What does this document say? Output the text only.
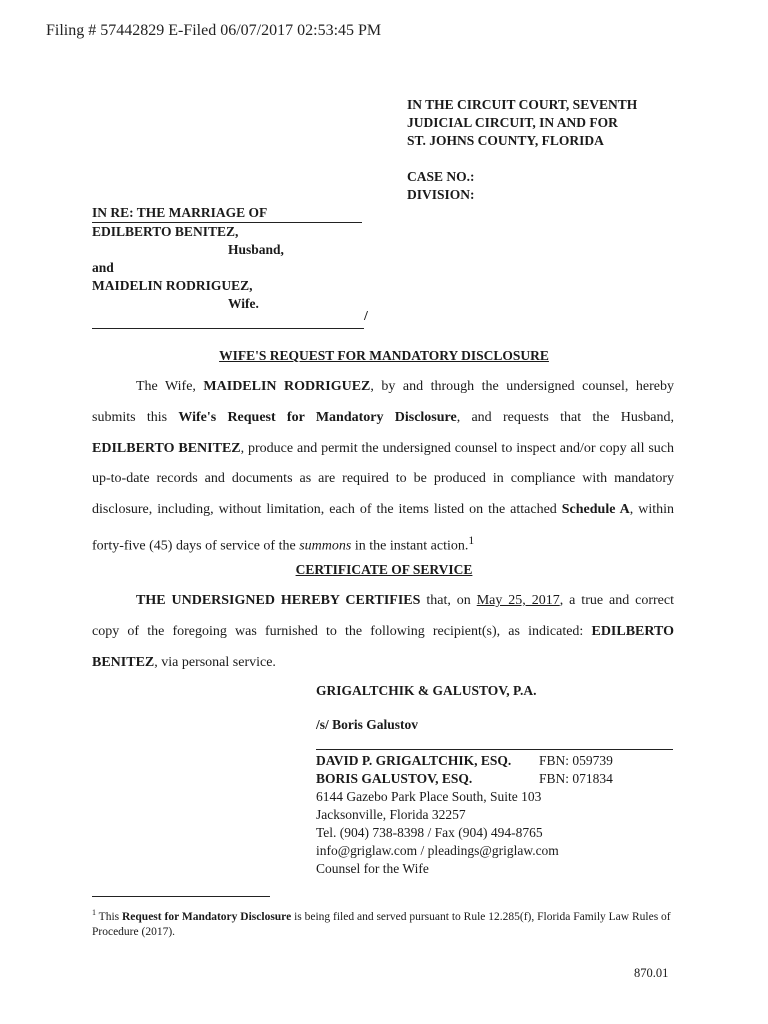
Filing # 57442829 E-Filed 06/07/2017 02:53:45 PM
IN THE CIRCUIT COURT, SEVENTH
JUDICIAL CIRCUIT, IN AND FOR
ST. JOHNS COUNTY, FLORIDA
CASE NO.:
DIVISION:
IN RE: THE MARRIAGE OF
EDILBERTO BENITEZ,
Husband,
and
MAIDELIN RODRIGUEZ,
Wife.
/
WIFE'S REQUEST FOR MANDATORY DISCLOSURE
The Wife, MAIDELIN RODRIGUEZ, by and through the undersigned counsel, hereby submits this Wife's Request for Mandatory Disclosure, and requests that the Husband, EDILBERTO BENITEZ, produce and permit the undersigned counsel to inspect and/or copy all such up-to-date records and documents as are required to be produced in compliance with mandatory disclosure, including, without limitation, each of the items listed on the attached Schedule A, within forty-five (45) days of service of the summons in the instant action.$^1$
CERTIFICATE OF SERVICE
THE UNDERSIGNED HEREBY CERTIFIES that, on May 25, 2017, a true and correct copy of the foregoing was furnished to the following recipient(s), as indicated: EDILBERTO BENITEZ, via personal service.
GRIGALTCHIK & GALUSTOV, P.A.
/s/ Boris Galustov
DAVID P. GRIGALTCHIK, ESQ. FBN: 059739
BORIS GALUSTOV, ESQ.	FBN: 071834
6144 Gazebo Park Place South, Suite 103
Jacksonville, Florida 32257
Tel. (904) 738-8398 / Fax (904) 494-8765
info@griglaw.com / pleadings@griglaw.com
Counsel for the Wife
$^1$ This Request for Mandatory Disclosure is being filed and served pursuant to Rule 12.285(f), Florida Family Law Rules of Procedure (2017).
870.01
